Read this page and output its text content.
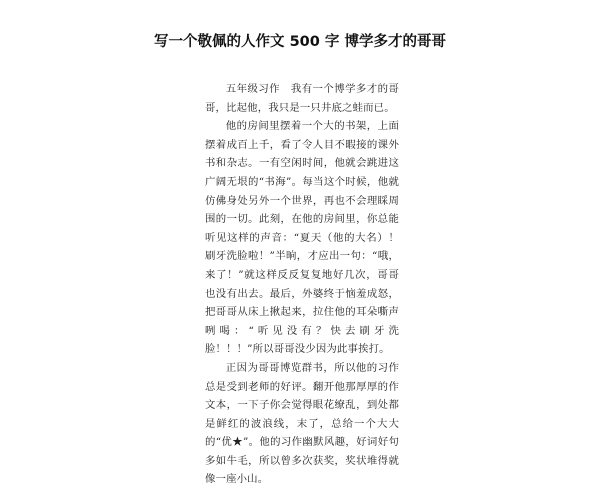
写一个敬佩的人作文 500 字 博学多才的哥哥

五年级习作　我有一个博学多才的哥哥，比起他，我只是一只井底之蛙而已。

他的房间里摆着一个大的书架，上面摆着成百上千，看了令人目不暇接的课外书和杂志。一有空闲时间，他就会跳进这广阔无垠的“书海”。每当这个时候，他就仿佛身处另外一个世界，再也不会理睬周围的一切。此刻，在他的房间里，你总能听见这样的声音：“夏天（他的大名）！刷牙洗脸啦！”半晌，才应出一句：“哦，来了！”就这样反反复复地好几次，哥哥也没有出去。最后，外婆终于恼羞成怒，把哥哥从床上揪起来，拉住他的耳朵嘶声咧喝：“听见没有？快去刷牙洗脸！！！”所以哥哥没少因为此事挨打。

正因为哥哥博览群书，所以他的习作总是受到老师的好评。翻开他那厚厚的作文本，一下子你会觉得眼花缭乱，到处都是鲜红的波浪线，末了，总给一个大大的“优★”。他的习作幽默风趣，好词好句多如牛毛，所以曾多次获奖，奖状堆得就像一座小山。
